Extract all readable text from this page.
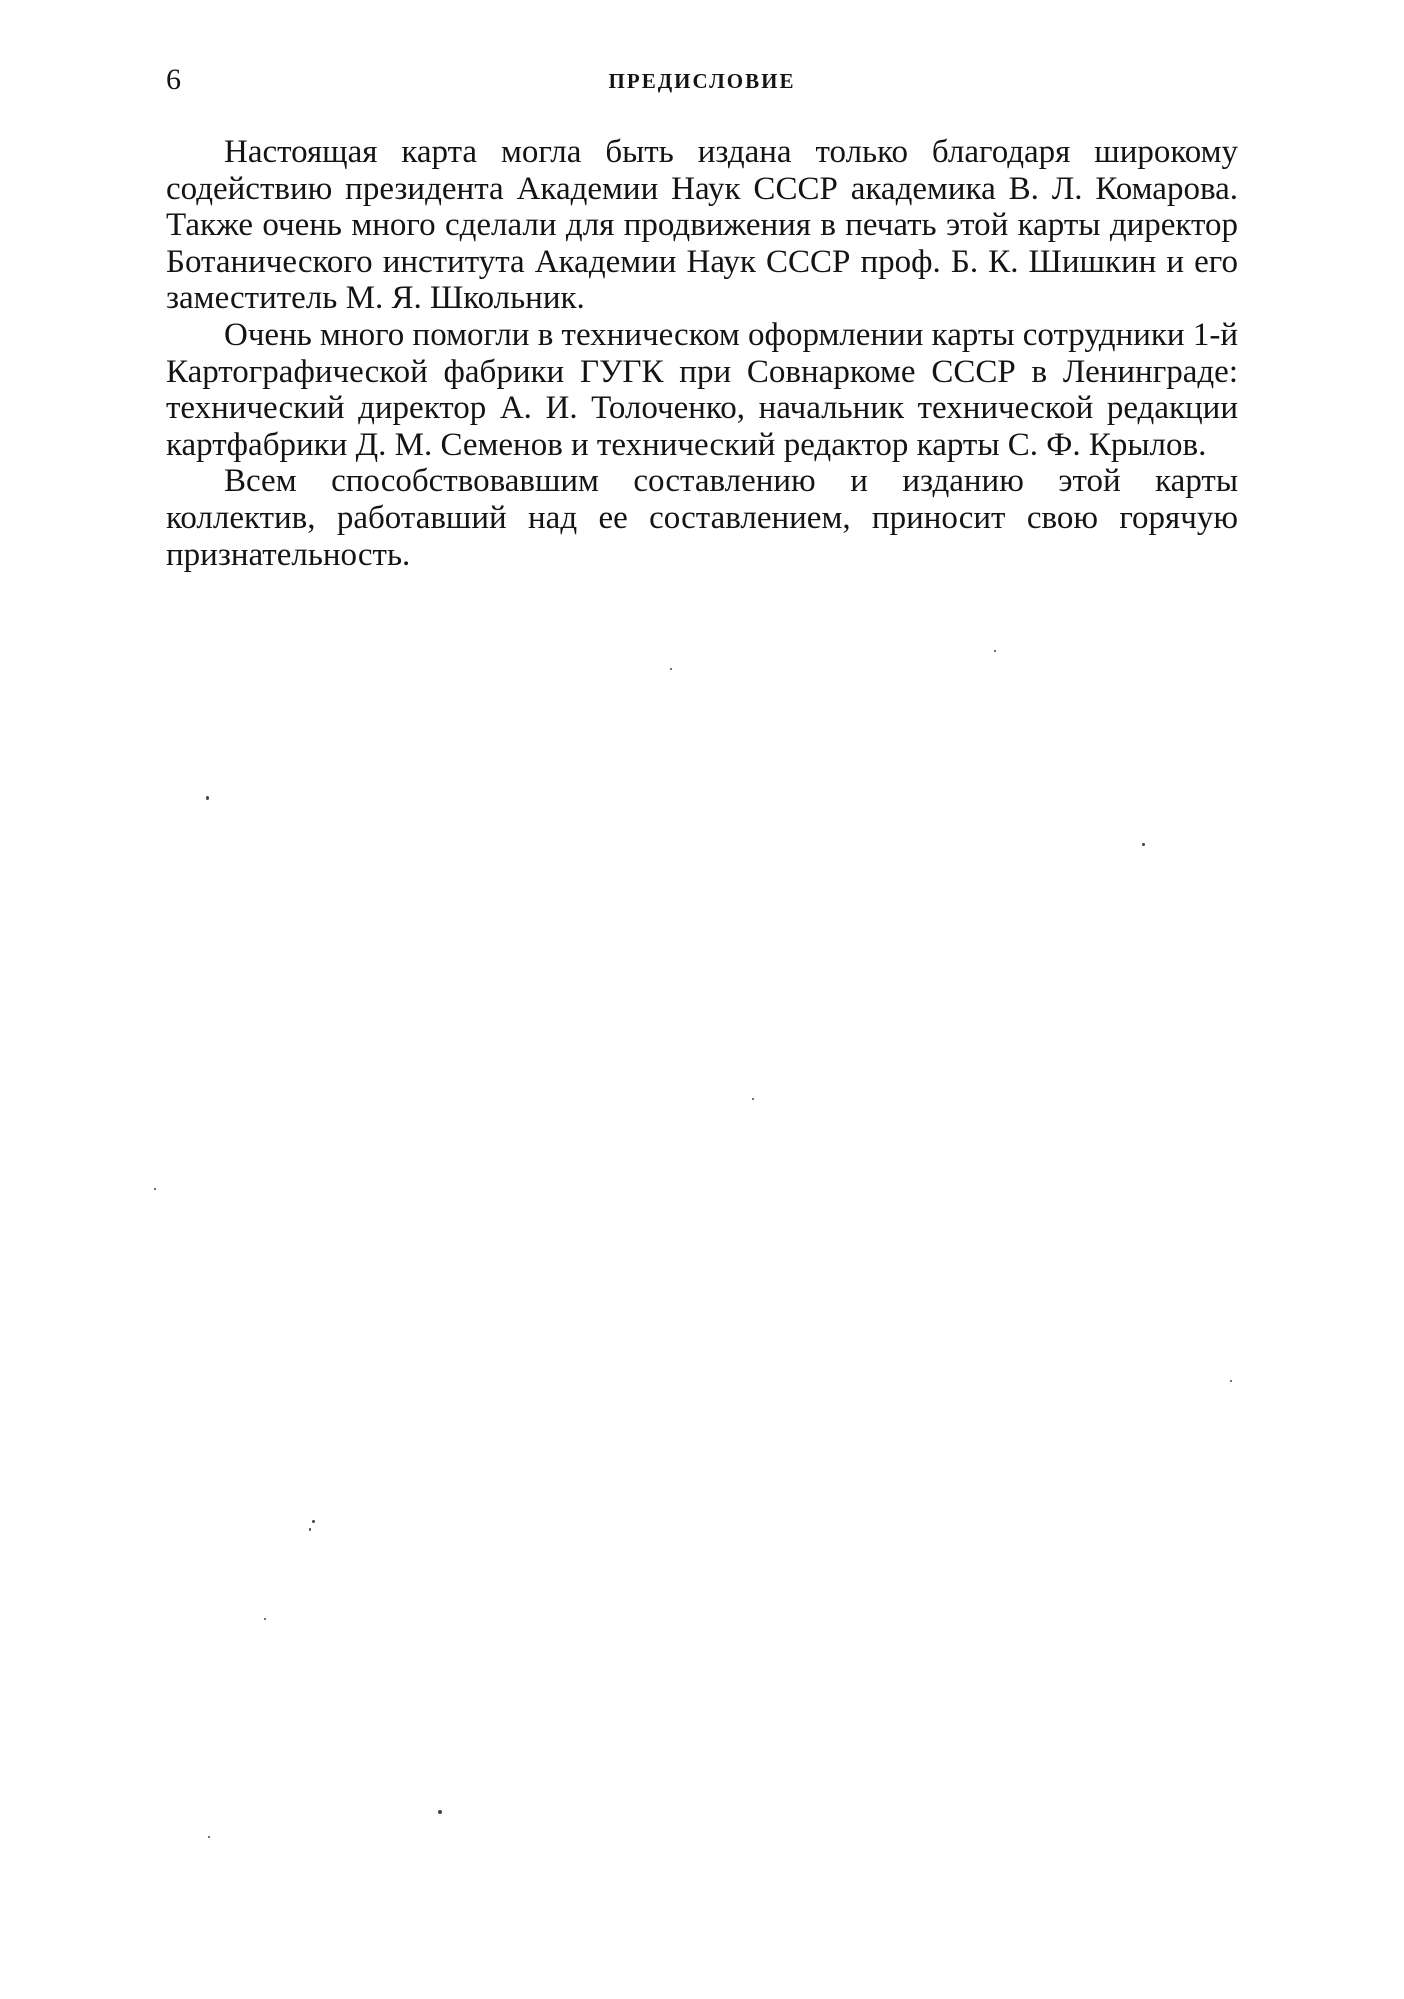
6	ПРЕДИСЛОВИЕ

Настоящая карта могла быть издана только благодаря широкому содействию президента Академии Наук СССР академика В. Л. Комарова. Также очень много сделали для продвижения в печать этой карты директор Ботанического института Академии Наук СССР проф. Б. К. Шишкин и его заместитель М. Я. Школьник.

Очень много помогли в техническом оформлении карты сотрудники 1-й Картографической фабрики ГУГК при Совнаркоме СССР в Ленинграде: технический директор А. И. Толоченко, начальник технической редакции картфабрики Д. М. Семенов и технический редактор карты С. Ф. Крылов.

Всем способствовавшим составлению и изданию этой карты коллектив, работавший над ее составлением, приносит свою горячую признательность.
